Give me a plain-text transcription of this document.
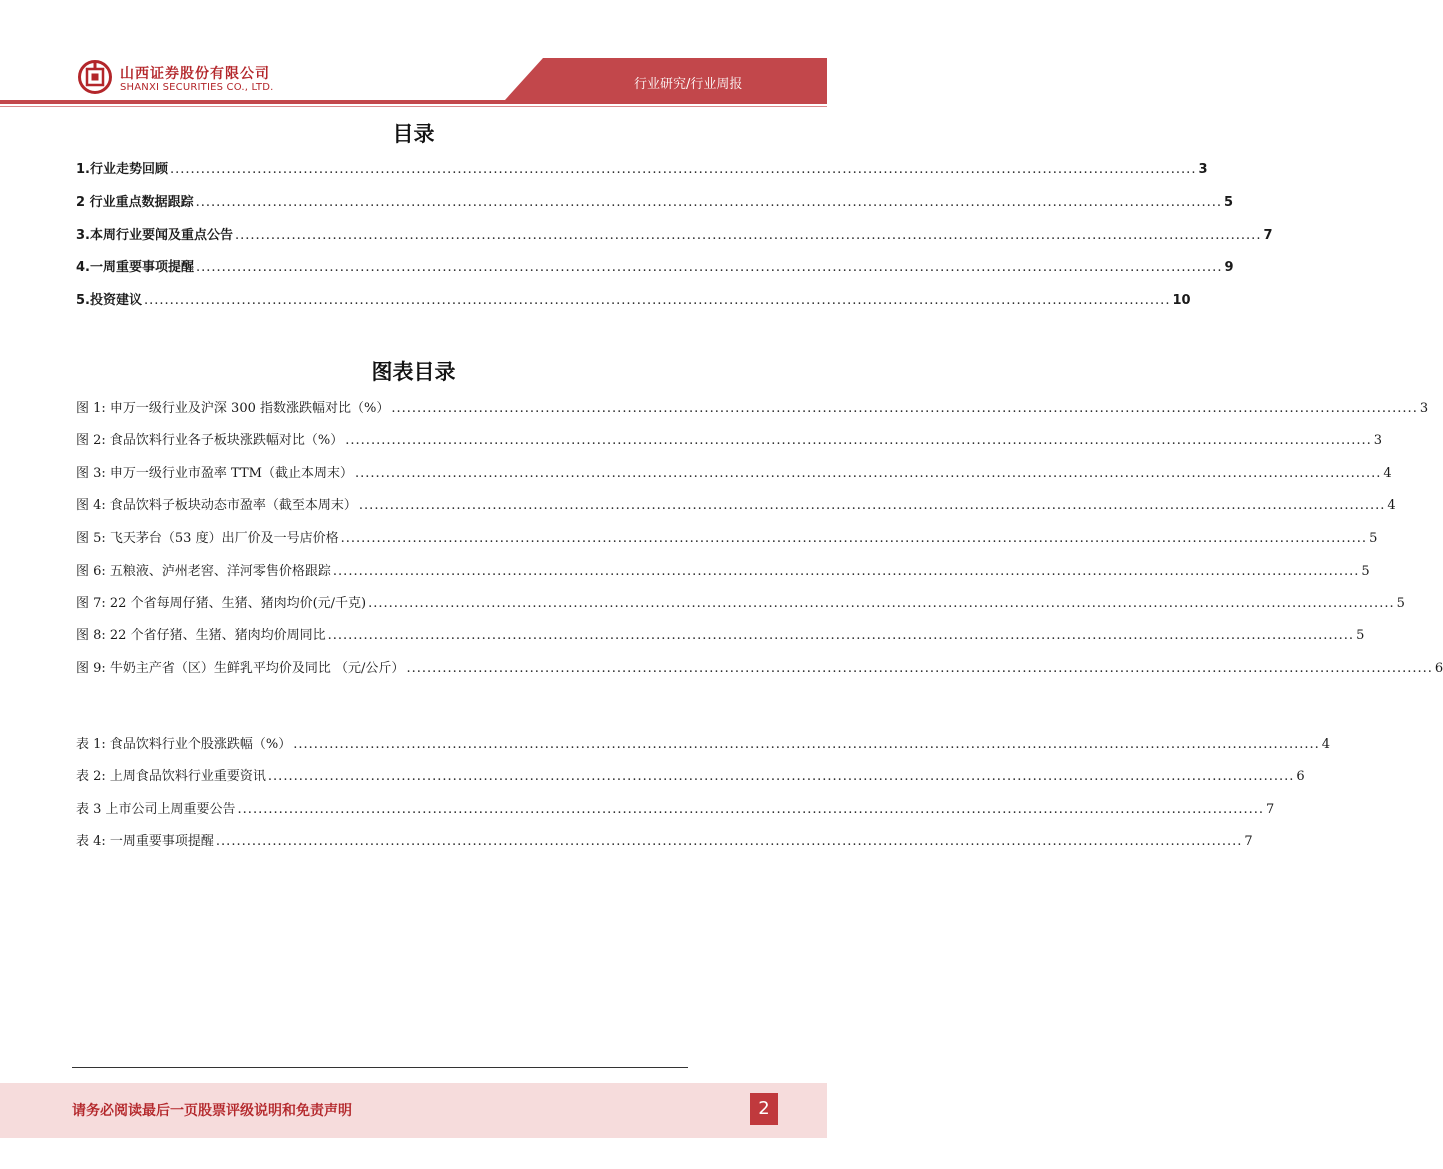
山西证券股份有限公司
SHANXI SECURITIES CO., LTD.	行业研究/行业周报
目录
1.行业走势回顾 ........................................................................................................................................................................................................ 3
2 行业重点数据跟踪 ........................................................................................................................................................................................................ 5
3.本周行业要闻及重点公告 ........................................................................................................................................................................................................ 7
4.一周重要事项提醒 ........................................................................................................................................................................................................ 9
5.投资建议 ........................................................................................................................................................................................................ 10
图表目录
图 1: 申万一级行业及沪深 300 指数涨跌幅对比（%） ........................................................................................................................................................................................................ 3
图 2: 食品饮料行业各子板块涨跌幅对比（%） ........................................................................................................................................................................................................ 3
图 3: 申万一级行业市盈率 TTM（截止本周末） ........................................................................................................................................................................................................ 4
图 4: 食品饮料子板块动态市盈率（截至本周末） ........................................................................................................................................................................................................ 4
图 5: 飞天茅台（53 度）出厂价及一号店价格 ........................................................................................................................................................................................................ 5
图 6: 五粮液、泸州老窖、洋河零售价格跟踪 ........................................................................................................................................................................................................ 5
图 7: 22 个省每周仔猪、生猪、猪肉均价(元/千克) ........................................................................................................................................................................................................ 5
图 8: 22 个省仔猪、生猪、猪肉均价周同比 ........................................................................................................................................................................................................ 5
图 9: 牛奶主产省（区）生鲜乳平均价及同比 （元/公斤） ........................................................................................................................................................................................................ 6
表 1: 食品饮料行业个股涨跌幅（%） ........................................................................................................................................................................................................ 4
表 2: 上周食品饮料行业重要资讯 ........................................................................................................................................................................................................ 6
表 3 上市公司上周重要公告 ........................................................................................................................................................................................................ 7
表 4: 一周重要事项提醒 ........................................................................................................................................................................................................ 7
请务必阅读最后一页股票评级说明和免责声明	2
